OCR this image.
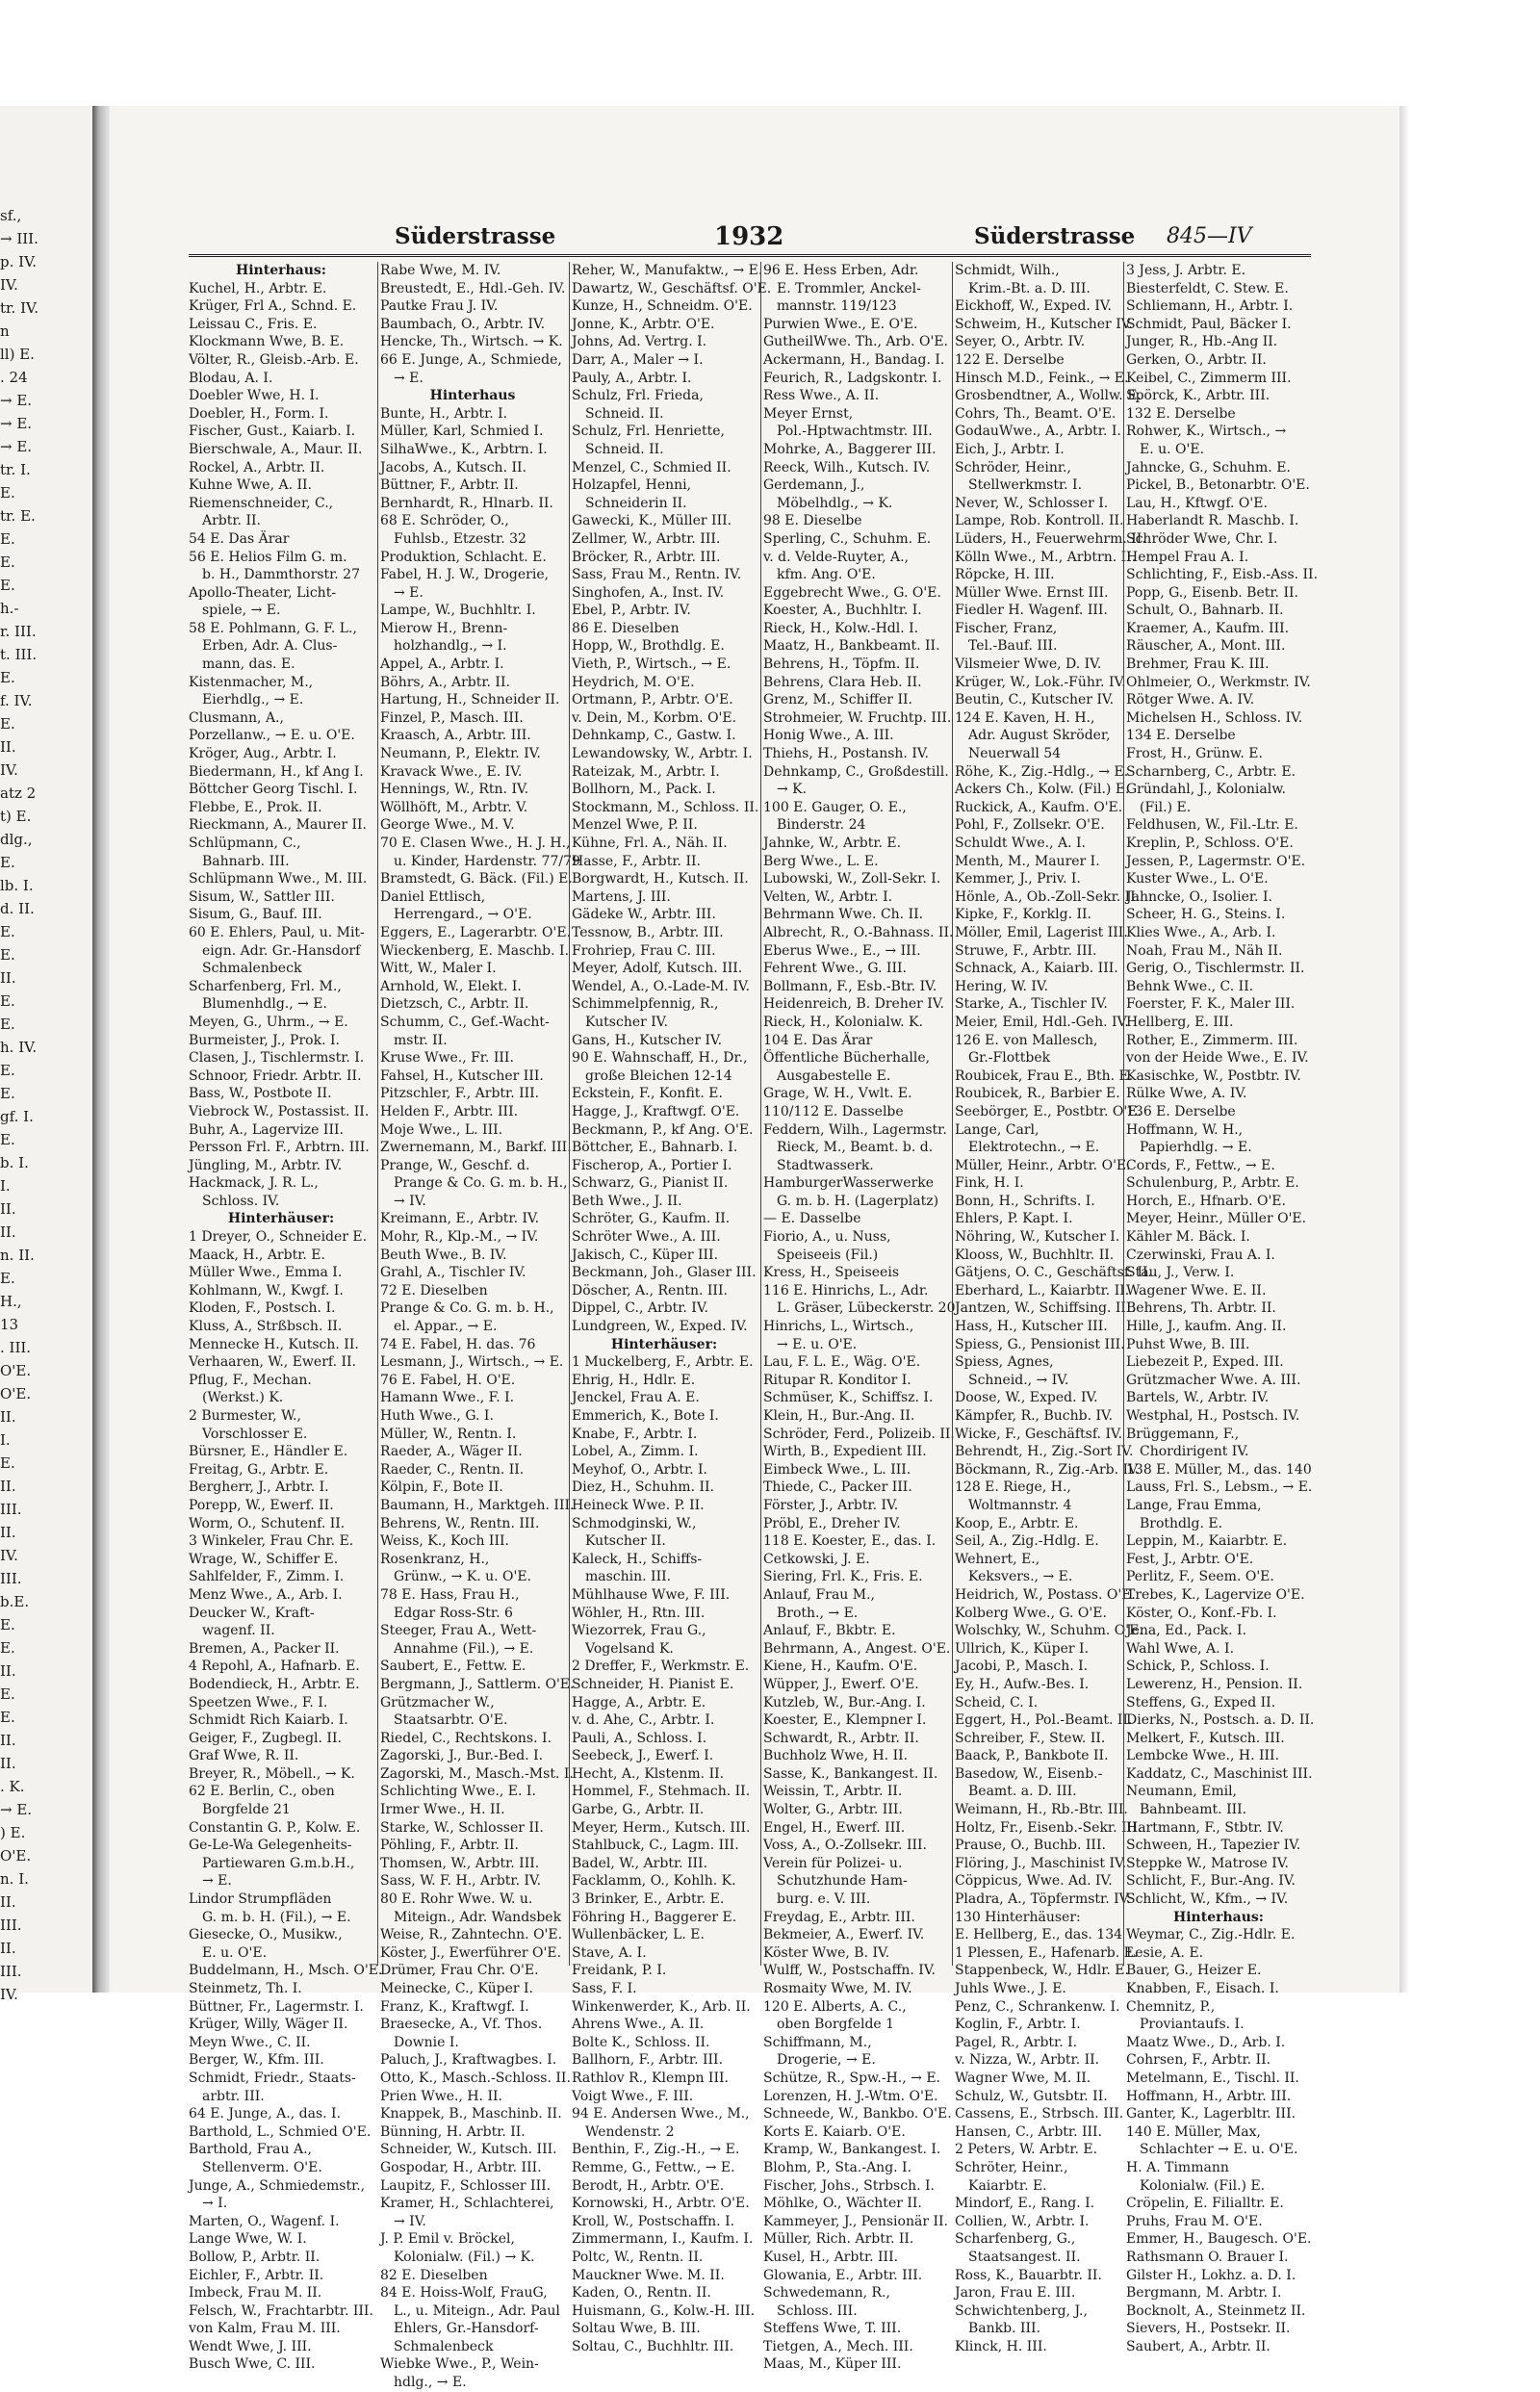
sf.,
→ III.
p. IV.
IV.
tr. IV.
n
ll) E.
. 24
→ E.
→ E.
→ E.
tr. I.
E.
tr. E.
E.
E.
E.
h.-
r. III.
t. III.
E.
f. IV.
E.
II.
IV.
atz 2
t) E.
dlg.,
E.
lb. I.
d. II.
E.
E.
II.
E.
E.
h. IV.
E.
E.
gf. I.
E.
b. I.
I.
II.
II.
n. II.
E.
H.,
13
. III.
O'E.
O'E.
II.
I.
E.
II.
III.
II.
IV.
III.
b.E.
E.
E.
II.
E.
E.
II.
II.
. K.
→ E.
) E.
O'E.
n. I.
II.
III.
II.
III.
IV.
Süderstrasse	1932	Süderstrasse 845—IV
Hinterhaus:
Kuchel, H., Arbtr. E.
Krüger, Frl A., Schnd. E.
Leissau C., Fris. E.
Klockmann Wwe, B. E.
Völter, R., Gleisb.-Arb. E.
Blodau, A. I.
Doebler Wwe, H. I.
Doebler, H., Form. I.
Fischer, Gust., Kaiarb. I.
Bierschwale, A., Maur. II.
Rockel, A., Arbtr. II.
Kuhne Wwe, A. II.
Riemenschneider, C.,
Arbtr. II.
54 E. Das Ärar
56 E. Helios Film G. m.
b. H., Dammthorstr. 27
Apollo-Theater, Licht-
spiele, → E.
58 E. Pohlmann, G. F. L.,
Erben, Adr. A. Clus-
mann, das. E.
Kistenmacher, M.,
Eierhdlg., → E.
Clusmann, A.,
Porzellanw., → E. u. O'E.
Kröger, Aug., Arbtr. I.
Biedermann, H., kf Ang I.
Böttcher Georg Tischl. I.
Flebbe, E., Prok. II.
Rieckmann, A., Maurer II.
Schlüpmann, C.,
Bahnarb. III.
Schlüpmann Wwe., M. III.
Sisum, W., Sattler III.
Sisum, G., Bauf. III.
60 E. Ehlers, Paul, u. Mit-
eign. Adr. Gr.-Hansdorf
Schmalenbeck
Scharfenberg, Frl. M.,
Blumenhdlg., → E.
Meyen, G., Uhrm., → E.
Burmeister, J., Prok. I.
Clasen, J., Tischlermstr. I.
Schnoor, Friedr. Arbtr. II.
Bass, W., Postbote II.
Viebrock W., Postassist. II.
Buhr, A., Lagervize III.
Persson Frl. F., Arbtrn. III.
Jüngling, M., Arbtr. IV.
Hackmack, J. R. L.,
Schloss. IV.
Hinterhäuser:
1 Dreyer, O., Schneider E.
Maack, H., Arbtr. E.
Müller Wwe., Emma I.
Kohlmann, W., Kwgf. I.
Kloden, F., Postsch. I.
Kluss, A., Strßbsch. II.
Mennecke H., Kutsch. II.
Verhaaren, W., Ewerf. II.
Pflug, F., Mechan.
(Werkst.) K.
2 Burmester, W.,
Vorschlosser E.
Bürsner, E., Händler E.
Freitag, G., Arbtr. E.
Bergherr, J., Arbtr. I.
Porepp, W., Ewerf. II.
Worm, O., Schutenf. II.
3 Winkeler, Frau Chr. E.
Wrage, W., Schiffer E.
Sahlfelder, F., Zimm. I.
Menz Wwe., A., Arb. I.
Deucker W., Kraft-
wagenf. II.
Bremen, A., Packer II.
4 Repohl, A., Hafnarb. E.
Bodendieck, H., Arbtr. E.
Speetzen Wwe., F. I.
Schmidt Rich Kaiarb. I.
Geiger, F., Zugbegl. II.
Graf Wwe, R. II.
Breyer, R., Möbell., → K.
62 E. Berlin, C., oben
Borgfelde 21
Constantin G. P., Kolw. E.
Ge-Le-Wa Gelegenheits-
Partiewaren G.m.b.H.,
→ E.
Lindor Strumpfläden
G. m. b. H. (Fil.), → E.
Giesecke, O., Musikw.,
E. u. O'E.
Buddelmann, H., Msch. O'E.
Steinmetz, Th. I.
Büttner, Fr., Lagermstr. I.
Krüger, Willy, Wäger II.
Meyn Wwe., C. II.
Berger, W., Kfm. III.
Schmidt, Friedr., Staats-
arbtr. III.
64 E. Junge, A., das. I.
Barthold, L., Schmied O'E.
Barthold, Frau A.,
Stellenverm. O'E.
Junge, A., Schmiedemstr.,
→ I.
Marten, O., Wagenf. I.
Lange Wwe, W. I.
Bollow, P., Arbtr. II.
Eichler, F., Arbtr. II.
Imbeck, Frau M. II.
Felsch, W., Frachtarbtr. III.
von Kalm, Frau M. III.
Wendt Wwe, J. III.
Busch Wwe, C. III.
Rabe Wwe, M. IV.
Breustedt, E., Hdl.-Geh. IV.
Pautke Frau J. IV.
Baumbach, O., Arbtr. IV.
Hencke, Th., Wirtsch. → K.
66 E. Junge, A., Schmiede,
→ E.
Hinterhaus
Bunte, H., Arbtr. I.
Müller, Karl, Schmied I.
SilhaWwe., K., Arbtrn. I.
Jacobs, A., Kutsch. II.
Büttner, F., Arbtr. II.
Bernhardt, R., Hlnarb. II.
68 E. Schröder, O.,
Fuhlsb., Etzestr. 32
Produktion, Schlacht. E.
Fabel, H. J. W., Drogerie,
→ E.
Lampe, W., Buchhltr. I.
Mierow H., Brenn-
holzhandlg., → I.
Appel, A., Arbtr. I.
Böhrs, A., Arbtr. II.
Hartung, H., Schneider II.
Finzel, P., Masch. III.
Kraasch, A., Arbtr. III.
Neumann, P., Elektr. IV.
Kravack Wwe., E. IV.
Hennings, W., Rtn. IV.
Wöllhöft, M., Arbtr. V.
George Wwe., M. V.
70 E. Clasen Wwe., H. J. H.,
u. Kinder, Hardenstr. 77/79
Bramstedt, G. Bäck. (Fil.) E.
Daniel Ettlisch,
Herrengard., → O'E.
Eggers, E., Lagerarbtr. O'E.
Wieckenberg, E. Maschb. I.
Witt, W., Maler I.
Arnhold, W., Elekt. I.
Dietzsch, C., Arbtr. II.
Schumm, C., Gef.-Wacht-
mstr. II.
Kruse Wwe., Fr. III.
Fahsel, H., Kutscher III.
Pitzschler, F., Arbtr. III.
Helden F., Arbtr. III.
Moje Wwe., L. III.
Zwernemann, M., Barkf. III.
Prange, W., Geschf. d.
Prange & Co. G. m. b. H.,
→ IV.
Kreimann, E., Arbtr. IV.
Mohr, R., Klp.-M., → IV.
Beuth Wwe., B. IV.
Grahl, A., Tischler IV.
72 E. Dieselben
Prange & Co. G. m. b. H.,
el. Appar., → E.
74 E. Fabel, H. das. 76
Lesmann, J., Wirtsch., → E.
76 E. Fabel, H. O'E.
Hamann Wwe., F. I.
Huth Wwe., G. I.
Müller, W., Rentn. I.
Raeder, A., Wäger II.
Raeder, C., Rentn. II.
Kölpin, F., Bote II.
Baumann, H., Marktgeh. III.
Behrens, W., Rentn. III.
Weiss, K., Koch III.
Rosenkranz, H.,
Grünw., → K. u. O'E.
78 E. Hass, Frau H.,
Edgar Ross-Str. 6
Steeger, Frau A., Wett-
Annahme (Fil.), → E.
Saubert, E., Fettw. E.
Bergmann, J., Sattlerm. O'E.
Grützmacher W.,
Staatsarbtr. O'E.
Riedel, C., Rechtskons. I.
Zagorski, J., Bur.-Bed. I.
Zagorski, M., Masch.-Mst. I.
Schlichting Wwe., E. I.
Irmer Wwe., H. II.
Starke, W., Schlosser II.
Pöhling, F., Arbtr. II.
Thomsen, W., Arbtr. III.
Sass, W. F. H., Arbtr. IV.
80 E. Rohr Wwe. W. u.
Miteign., Adr. Wandsbek
Weise, R., Zahntechn. O'E.
Köster, J., Ewerführer O'E.
Drümer, Frau Chr. O'E.
Meinecke, C., Küper I.
Franz, K., Kraftwgf. I.
Braesecke, A., Vf. Thos.
Downie I.
Paluch, J., Kraftwagbes. I.
Otto, K., Masch.-Schloss. II.
Prien Wwe., H. II.
Knappek, B., Maschinb. II.
Bünning, H. Arbtr. II.
Schneider, W., Kutsch. III.
Gospodar, H., Arbtr. III.
Laupitz, F., Schlosser III.
Kramer, H., Schlachterei,
→ IV.
J. P. Emil v. Bröckel,
Kolonialw. (Fil.) → K.
82 E. Dieselben
84 E. Hoiss-Wolf, FrauG,
L., u. Miteign., Adr. Paul
Ehlers, Gr.-Hansdorf-
Schmalenbeck
Wiebke Wwe., P., Wein-
hdlg., → E.
Reher, W., Manufaktw., → E.
Dawartz, W., Geschäftsf. O'E.
Kunze, H., Schneidm. O'E.
Jonne, K., Arbtr. O'E.
Johns, Ad. Vertrg. I.
Darr, A., Maler → I.
Pauly, A., Arbtr. I.
Schulz, Frl. Frieda,
Schneid. II.
Schulz, Frl. Henriette,
Schneid. II.
Menzel, C., Schmied II.
Holzapfel, Henni,
Schneiderin II.
Gawecki, K., Müller III.
Zellmer, W., Arbtr. III.
Bröcker, R., Arbtr. III.
Sass, Frau M., Rentn. IV.
Singhofen, A., Inst. IV.
Ebel, P., Arbtr. IV.
86 E. Dieselben
Hopp, W., Brothdlg. E.
Vieth, P., Wirtsch., → E.
Heydrich, M. O'E.
Ortmann, P., Arbtr. O'E.
v. Dein, M., Korbm. O'E.
Dehnkamp, C., Gastw. I.
Lewandowsky, W., Arbtr. I.
Rateizak, M., Arbtr. I.
Bollhorn, M., Pack. I.
Stockmann, M., Schloss. II.
Menzel Wwe, P. II.
Kühne, Frl. A., Näh. II.
Hasse, F., Arbtr. II.
Borgwardt, H., Kutsch. II.
Martens, J. III.
Gädeke W., Arbtr. III.
Tessnow, B., Arbtr. III.
Frohriep, Frau C. III.
Meyer, Adolf, Kutsch. III.
Wendel, A., O.-Lade-M. IV.
Schimmelpfennig, R.,
Kutscher IV.
Gans, H., Kutscher IV.
90 E. Wahnschaff, H., Dr.,
große Bleichen 12-14
Eckstein, F., Konfit. E.
Hagge, J., Kraftwgf. O'E.
Beckmann, P., kf Ang. O'E.
Böttcher, E., Bahnarb. I.
Fischerop, A., Portier I.
Schwarz, G., Pianist II.
Beth Wwe., J. II.
Schröter, G., Kaufm. II.
Schröter Wwe., A. III.
Jakisch, C., Küper III.
Beckmann, Joh., Glaser III.
Döscher, A., Rentn. III.
Dippel, C., Arbtr. IV.
Lundgreen, W., Exped. IV.
Hinterhäuser:
1 Muckelberg, F., Arbtr. E.
Ehrig, H., Hdlr. E.
Jenckel, Frau A. E.
Emmerich, K., Bote I.
Knabe, F., Arbtr. I.
Lobel, A., Zimm. I.
Meyhof, O., Arbtr. I.
Diez, H., Schuhm. II.
Heineck Wwe. P. II.
Schmodginski, W.,
Kutscher II.
Kaleck, H., Schiffs-
maschin. III.
Mühlhause Wwe, F. III.
Wöhler, H., Rtn. III.
Wiezorrek, Frau G.,
Vogelsand K.
2 Dreffer, F., Werkmstr. E.
Schneider, H. Pianist E.
Hagge, A., Arbtr. E.
v. d. Ahe, C., Arbtr. I.
Pauli, A., Schloss. I.
Seebeck, J., Ewerf. I.
Hecht, A., Klstenm. II.
Hommel, F., Stehmach. II.
Garbe, G., Arbtr. II.
Meyer, Herm., Kutsch. III.
Stahlbuck, C., Lagm. III.
Badel, W., Arbtr. III.
Facklamm, O., Kohlh. K.
3 Brinker, E., Arbtr. E.
Föhring H., Baggerer E.
Wullenbäcker, L. E.
Stave, A. I.
Freidank, P. I.
Sass, F. I.
Winkenwerder, K., Arb. II.
Ahrens Wwe., A. II.
Bolte K., Schloss. II.
Ballhorn, F., Arbtr. III.
Rathlov R., Klempn III.
Voigt Wwe., F. III.
94 E. Andersen Wwe., M.,
Wendenstr. 2
Benthin, F., Zig.-H., → E.
Remme, G., Fettw., → E.
Berodt, H., Arbtr. O'E.
Kornowski, H., Arbtr. O'E.
Kroll, W., Postschaffn. I.
Zimmermann, I., Kaufm. I.
Poltc, W., Rentn. II.
Mauckner Wwe. M. II.
Kaden, O., Rentn. II.
Huismann, G., Kolw.-H. III.
Soltau Wwe, B. III.
Soltau, C., Buchhltr. III.
96 E. Hess Erben, Adr.
E. Trommler, Anckel-
mannstr. 119/123
Purwien Wwe., E. O'E.
GutheilWwe. Th., Arb. O'E.
Ackermann, H., Bandag. I.
Feurich, R., Ladgskontr. I.
Ress Wwe., A. II.
Meyer Ernst,
Pol.-Hptwachtmstr. III.
Mohrke, A., Baggerer III.
Reeck, Wilh., Kutsch. IV.
Gerdemann, J.,
Möbelhdlg., → K.
98 E. Dieselbe
Sperling, C., Schuhm. E.
v. d. Velde-Ruyter, A.,
kfm. Ang. O'E.
Eggebrecht Wwe., G. O'E.
Koester, A., Buchhltr. I.
Rieck, H., Kolw.-Hdl. I.
Maatz, H., Bankbeamt. II.
Behrens, H., Töpfm. II.
Behrens, Clara Heb. II.
Grenz, M., Schiffer II.
Strohmeier, W. Fruchtp. III.
Honig Wwe., A. III.
Thiehs, H., Postansh. IV.
Dehnkamp, C., Großdestill.
→ K.
100 E. Gauger, O. E.,
Binderstr. 24
Jahnke, W., Arbtr. E.
Berg Wwe., L. E.
Lubowski, W., Zoll-Sekr. I.
Velten, W., Arbtr. I.
Behrmann Wwe. Ch. II.
Albrecht, R., O.-Bahnass. II.
Eberus Wwe., E., → III.
Fehrent Wwe., G. III.
Bollmann, F., Esb.-Btr. IV.
Heidenreich, B. Dreher IV.
Rieck, H., Kolonialw. K.
104 E. Das Ärar
Öffentliche Bücherhalle,
Ausgabestelle E.
Grage, W. H., Vwlt. E.
110/112 E. Dasselbe
Feddern, Wilh., Lagermstr.
Rieck, M., Beamt. b. d.
Stadtwasserk.
HamburgerWasserwerke
G. m. b. H. (Lagerplatz)
— E. Dasselbe
Fiorio, A., u. Nuss,
Speiseeis (Fil.)
Kress, H., Speiseeis
116 E. Hinrichs, L., Adr.
L. Gräser, Lübeckerstr. 20
Hinrichs, L., Wirtsch.,
→ E. u. O'E.
Lau, F. L. E., Wäg. O'E.
Ritupar R. Konditor I.
Schmüser, K., Schiffsz. I.
Klein, H., Bur.-Ang. II.
Schröder, Ferd., Polizeib. II.
Wirth, B., Expedient III.
Eimbeck Wwe., L. III.
Thiede, C., Packer III.
Förster, J., Arbtr. IV.
Pröbl, E., Dreher IV.
118 E. Koester, E., das. I.
Cetkowski, J. E.
Siering, Frl. K., Fris. E.
Anlauf, Frau M.,
Broth., → E.
Anlauf, F., Bkbtr. E.
Behrmann, A., Angest. O'E.
Kiene, H., Kaufm. O'E.
Wüpper, J., Ewerf. O'E.
Kutzleb, W., Bur.-Ang. I.
Koester, E., Klempner I.
Schwardt, R., Arbtr. II.
Buchholz Wwe, H. II.
Sasse, K., Bankangest. II.
Weissin, T., Arbtr. II.
Wolter, G., Arbtr. III.
Engel, H., Ewerf. III.
Voss, A., O.-Zollsekr. III.
Verein für Polizei- u.
Schutzhunde Ham-
burg. e. V. III.
Freydag, E., Arbtr. III.
Bekmeier, A., Ewerf. IV.
Köster Wwe, B. IV.
Wulff, W., Postschaffn. IV.
Rosmaity Wwe, M. IV.
120 E. Alberts, A. C.,
oben Borgfelde 1
Schiffmann, M.,
Drogerie, → E.
Schütze, R., Spw.-H., → E.
Lorenzen, H. J.-Wtm. O'E.
Schneede, W., Bankbo. O'E.
Korts E. Kaiarb. O'E.
Kramp, W., Bankangest. I.
Blohm, P., Sta.-Ang. I.
Fischer, Johs., Strbsch. I.
Möhlke, O., Wächter II.
Kammeyer, J., Pensionär II.
Müller, Rich. Arbtr. II.
Kusel, H., Arbtr. III.
Glowania, E., Arbtr. III.
Schwedemann, R.,
Schloss. III.
Steffens Wwe, T. III.
Tietgen, A., Mech. III.
Maas, M., Küper III.
Schmidt, Wilh.,
Krim.-Bt. a. D. III.
Eickhoff, W., Exped. IV.
Schweim, H., Kutscher IV.
Seyer, O., Arbtr. IV.
122 E. Derselbe
Hinsch M.D., Feink., → E.
Grosbendtner, A., Wollw. E.
Cohrs, Th., Beamt. O'E.
GodauWwe., A., Arbtr. I.
Eich, J., Arbtr. I.
Schröder, Heinr.,
Stellwerkmstr. I.
Never, W., Schlosser I.
Lampe, Rob. Kontroll. II.
Lüders, H., Feuerwehrm. II.
Kölln Wwe., M., Arbtrn. II.
Röpcke, H. III.
Müller Wwe. Ernst III.
Fiedler H. Wagenf. III.
Fischer, Franz,
Tel.-Bauf. III.
Vilsmeier Wwe, D. IV.
Krüger, W., Lok.-Führ. IV.
Beutin, C., Kutscher IV.
124 E. Kaven, H. H.,
Adr. August Skröder,
Neuerwall 54
Röhe, K., Zig.-Hdlg., → E.
Ackers Ch., Kolw. (Fil.) E.
Ruckick, A., Kaufm. O'E.
Pohl, F., Zollsekr. O'E.
Schuldt Wwe., A. I.
Menth, M., Maurer I.
Kemmer, J., Priv. I.
Hönle, A., Ob.-Zoll-Sekr. II.
Kipke, F., Korklg. II.
Möller, Emil, Lagerist III.
Struwe, F., Arbtr. III.
Schnack, A., Kaiarb. III.
Hering, W. IV.
Starke, A., Tischler IV.
Meier, Emil, Hdl.-Geh. IV.
126 E. von Mallesch,
Gr.-Flottbek
Roubicek, Frau E., Bth. E.
Roubicek, R., Barbier E.
Seebörger, E., Postbtr. O'E.
Lange, Carl,
Elektrotechn., → E.
Müller, Heinr., Arbtr. O'E.
Fink, H. I.
Bonn, H., Schrifts. I.
Ehlers, P. Kapt. I.
Nöhring, W., Kutscher I.
Klooss, W., Buchhltr. II.
Gätjens, O. C., Geschäftsf. II.
Eberhard, L., Kaiarbtr. II.
Jantzen, W., Schiffsing. III.
Hass, H., Kutscher III.
Spiess, G., Pensionist III.
Spiess, Agnes,
Schneid., → IV.
Doose, W., Exped. IV.
Kämpfer, R., Buchb. IV.
Wicke, F., Geschäftsf. IV.
Behrendt, H., Zig.-Sort IV.
Böckmann, R., Zig.-Arb. IV.
128 E. Riege, H.,
Woltmannstr. 4
Koop, E., Arbtr. E.
Seil, A., Zig.-Hdlg. E.
Wehnert, E.,
Keksvers., → E.
Heidrich, W., Postass. O'E.
Kolberg Wwe., G. O'E.
Wolschky, W., Schuhm. O'E.
Ullrich, K., Küper I.
Jacobi, P., Masch. I.
Ey, H., Aufw.-Bes. I.
Scheid, C. I.
Eggert, H., Pol.-Beamt. II.
Schreiber, F., Stew. II.
Baack, P., Bankbote II.
Basedow, W., Eisenb.-
Beamt. a. D. III.
Weimann, H., Rb.-Btr. III.
Holtz, Fr., Eisenb.-Sekr. III.
Prause, O., Buchb. III.
Flöring, J., Maschinist IV.
Cöppicus, Wwe. Ad. IV.
Pladra, A., Töpfermstr. IV.
130 Hinterhäuser:
E. Hellberg, E., das. 134
1 Plessen, E., Hafenarb. E.
Stappenbeck, W., Hdlr. E.
Juhls Wwe., J. E.
Penz, C., Schrankenw. I.
Koglin, F., Arbtr. I.
Pagel, R., Arbtr. I.
v. Nizza, W., Arbtr. II.
Wagner Wwe, M. II.
Schulz, W., Gutsbtr. II.
Cassens, E., Strbsch. III.
Hansen, C., Arbtr. III.
2 Peters, W. Arbtr. E.
Schröter, Heinr.,
Kaiarbtr. E.
Mindorf, E., Rang. I.
Collien, W., Arbtr. I.
Scharfenberg, G.,
Staatsangest. II.
Ross, K., Bauarbtr. II.
Jaron, Frau E. III.
Schwichtenberg, J.,
Bankb. III.
Klinck, H. III.
3 Jess, J. Arbtr. E.
Biesterfeldt, C. Stew. E.
Schliemann, H., Arbtr. I.
Schmidt, Paul, Bäcker I.
Junger, R., Hb.-Ang II.
Gerken, O., Arbtr. II.
Keibel, C., Zimmerm III.
Spörck, K., Arbtr. III.
132 E. Derselbe
Rohwer, K., Wirtsch., →
E. u. O'E.
Jahncke, G., Schuhm. E.
Pickel, B., Betonarbtr. O'E.
Lau, H., Kftwgf. O'E.
Haberlandt R. Maschb. I.
Schröder Wwe, Chr. I.
Hempel Frau A. I.
Schlichting, F., Eisb.-Ass. II.
Popp, G., Eisenb. Betr. II.
Schult, O., Bahnarb. II.
Kraemer, A., Kaufm. III.
Räuscher, A., Mont. III.
Brehmer, Frau K. III.
Ohlmeier, O., Werkmstr. IV.
Rötger Wwe. A. IV.
Michelsen H., Schloss. IV.
134 E. Derselbe
Frost, H., Grünw. E.
Scharnberg, C., Arbtr. E.
Gründahl, J., Kolonialw.
(Fil.) E.
Feldhusen, W., Fil.-Ltr. E.
Kreplin, P., Schloss. O'E.
Jessen, P., Lagermstr. O'E.
Kuster Wwe., L. O'E.
Jahncke, O., Isolier. I.
Scheer, H. G., Steins. I.
Klies Wwe., A., Arb. I.
Noah, Frau M., Näh II.
Gerig, O., Tischlermstr. II.
Behnk Wwe., C. II.
Foerster, F. K., Maler III.
Hellberg, E. III.
Rother, E., Zimmerm. III.
von der Heide Wwe., E. IV.
Kasischke, W., Postbtr. IV.
Rülke Wwe, A. IV.
136 E. Derselbe
Hoffmann, W. H.,
Papierhdlg. → E.
Cords, F., Fettw., → E.
Schulenburg, P., Arbtr. E.
Horch, E., Hfnarb. O'E.
Meyer, Heinr., Müller O'E.
Kähler M. Bäck. I.
Czerwinski, Frau A. I.
Stau, J., Verw. I.
Wagener Wwe. E. II.
Behrens, Th. Arbtr. II.
Hille, J., kaufm. Ang. II.
Puhst Wwe, B. III.
Liebezeit P., Exped. III.
Grützmacher Wwe. A. III.
Bartels, W., Arbtr. IV.
Westphal, H., Postsch. IV.
Brüggemann, F.,
Chordirigent IV.
138 E. Müller, M., das. 140
Lauss, Frl. S., Lebsm., → E.
Lange, Frau Emma,
Brothdlg. E.
Leppin, M., Kaiarbtr. E.
Fest, J., Arbtr. O'E.
Perlitz, F., Seem. O'E.
Trebes, K., Lagervize O'E.
Köster, O., Konf.-Fb. I.
Jena, Ed., Pack. I.
Wahl Wwe, A. I.
Schick, P., Schloss. I.
Lewerenz, H., Pension. II.
Steffens, G., Exped II.
Dierks, N., Postsch. a. D. II.
Melkert, F., Kutsch. III.
Lembcke Wwe., H. III.
Kaddatz, C., Maschinist III.
Neumann, Emil,
Bahnbeamt. III.
Hartmann, F., Stbtr. IV.
Schween, H., Tapezier IV.
Steppke W., Matrose IV.
Schlicht, F., Bur.-Ang. IV.
Schlicht, W., Kfm., → IV.
Hinterhaus:
Weymar, C., Zig.-Hdlr. E.
Lesie, A. E.
Bauer, G., Heizer E.
Knabben, F., Eisach. I.
Chemnitz, P.,
Proviantaufs. I.
Maatz Wwe., D., Arb. I.
Cohrsen, F., Arbtr. II.
Metelmann, E., Tischl. II.
Hoffmann, H., Arbtr. III.
Ganter, K., Lagerbltr. III.
140 E. Müller, Max,
Schlachter → E. u. O'E.
H. A. Timmann
Kolonialw. (Fil.) E.
Cröpelin, E. Filialltr. E.
Pruhs, Frau M. O'E.
Emmer, H., Baugesch. O'E.
Rathsmann O. Brauer I.
Gilster H., Lokhz. a. D. I.
Bergmann, M. Arbtr. I.
Bocknolt, A., Steinmetz II.
Sievers, H., Postsekr. II.
Saubert, A., Arbtr. II.
